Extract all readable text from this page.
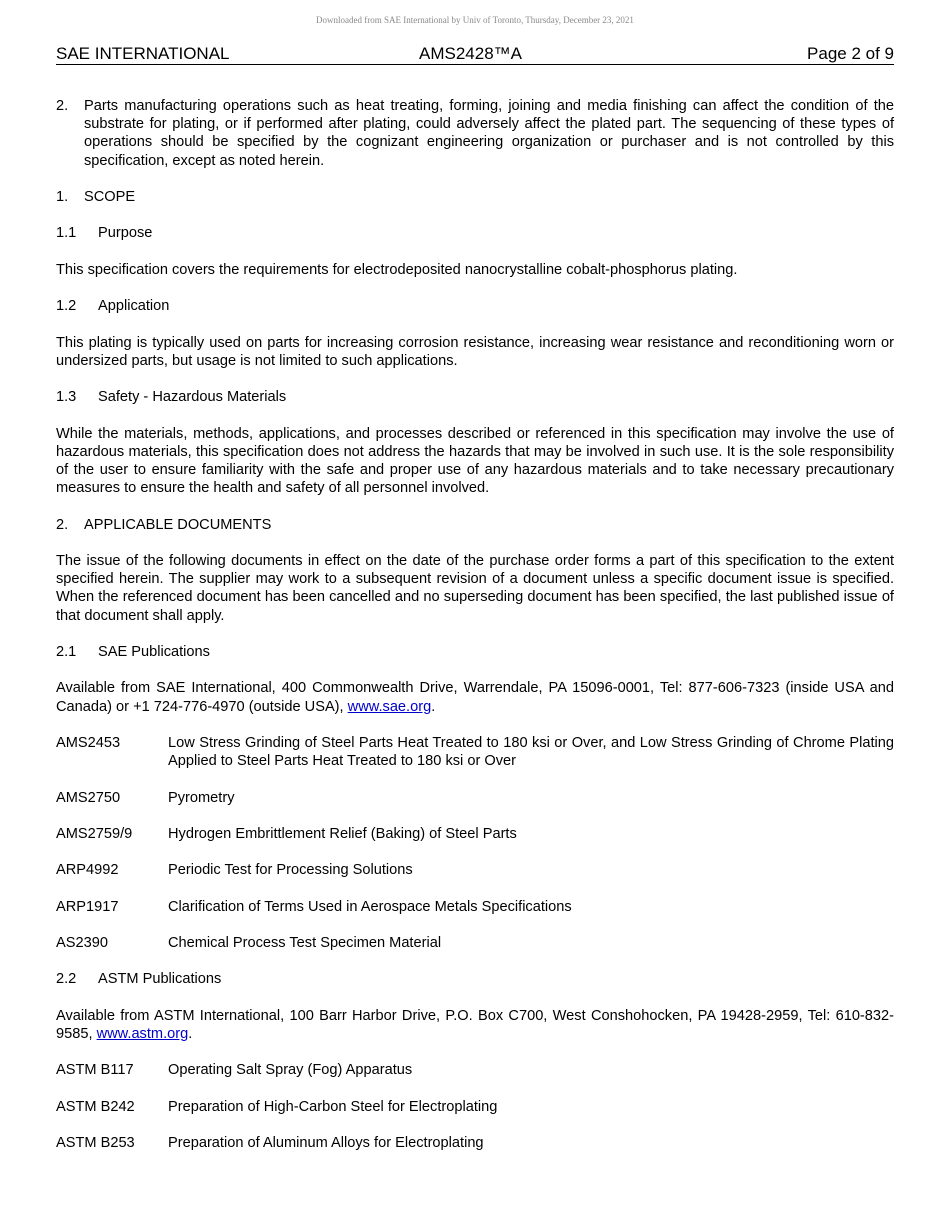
Downloaded from SAE International by Univ of Toronto, Thursday, December 23, 2021
SAE INTERNATIONAL	AMS2428™A	Page 2 of 9
2.	Parts manufacturing operations such as heat treating, forming, joining and media finishing can affect the condition of the substrate for plating, or if performed after plating, could adversely affect the plated part. The sequencing of these types of operations should be specified by the cognizant engineering organization or purchaser and is not controlled by this specification, except as noted herein.
1.	SCOPE
1.1	Purpose
This specification covers the requirements for electrodeposited nanocrystalline cobalt-phosphorus plating.
1.2	Application
This plating is typically used on parts for increasing corrosion resistance, increasing wear resistance and reconditioning worn or undersized parts, but usage is not limited to such applications.
1.3	Safety - Hazardous Materials
While the materials, methods, applications, and processes described or referenced in this specification may involve the use of hazardous materials, this specification does not address the hazards that may be involved in such use. It is the sole responsibility of the user to ensure familiarity with the safe and proper use of any hazardous materials and to take necessary precautionary measures to ensure the health and safety of all personnel involved.
2.	APPLICABLE DOCUMENTS
The issue of the following documents in effect on the date of the purchase order forms a part of this specification to the extent specified herein. The supplier may work to a subsequent revision of a document unless a specific document issue is specified. When the referenced document has been cancelled and no superseding document has been specified, the last published issue of that document shall apply.
2.1	SAE Publications
Available from SAE International, 400 Commonwealth Drive, Warrendale, PA 15096-0001, Tel: 877-606-7323 (inside USA and Canada) or +1 724-776-4970 (outside USA), www.sae.org.
AMS2453	Low Stress Grinding of Steel Parts Heat Treated to 180 ksi or Over, and Low Stress Grinding of Chrome Plating Applied to Steel Parts Heat Treated to 180 ksi or Over
AMS2750	Pyrometry
AMS2759/9	Hydrogen Embrittlement Relief (Baking) of Steel Parts
ARP4992	Periodic Test for Processing Solutions
ARP1917	Clarification of Terms Used in Aerospace Metals Specifications
AS2390	Chemical Process Test Specimen Material
2.2	ASTM Publications
Available from ASTM International, 100 Barr Harbor Drive, P.O. Box C700, West Conshohocken, PA 19428-2959, Tel: 610-832-9585, www.astm.org.
ASTM B117	Operating Salt Spray (Fog) Apparatus
ASTM B242	Preparation of High-Carbon Steel for Electroplating
ASTM B253	Preparation of Aluminum Alloys for Electroplating
